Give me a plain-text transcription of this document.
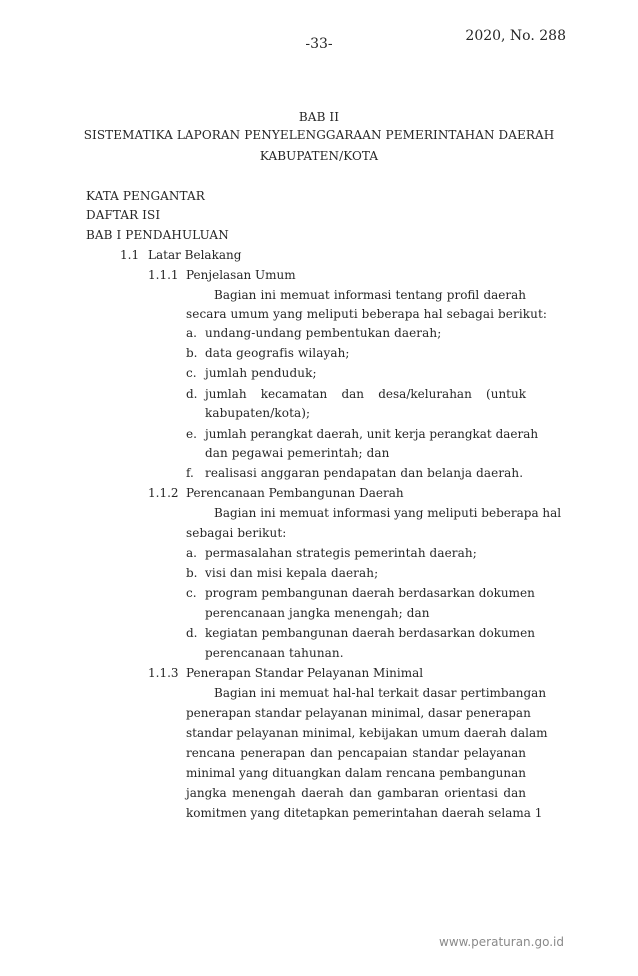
-33-	2020, No. 288
BAB II
SISTEMATIKA LAPORAN PENYELENGGARAAN PEMERINTAHAN DAERAH
KABUPATEN/KOTA
KATA PENGANTAR
DAFTAR ISI
BAB I PENDAHULUAN
1.1 Latar Belakang
1.1.1 Penjelasan Umum
Bagian ini memuat informasi tentang profil daerah
secara umum yang meliputi beberapa hal sebagai berikut:
a. undang-undang pembentukan daerah;
b. data geografis wilayah;
c. jumlah penduduk;
d. jumlah kecamatan dan desa/kelurahan (untuk
kabupaten/kota);
e. jumlah perangkat daerah, unit kerja perangkat daerah
dan pegawai pemerintah; dan
f. realisasi anggaran pendapatan dan belanja daerah.
1.1.2 Perencanaan Pembangunan Daerah
Bagian ini memuat informasi yang meliputi beberapa hal
sebagai berikut:
a. permasalahan strategis pemerintah daerah;
b. visi dan misi kepala daerah;
c. program pembangunan daerah berdasarkan dokumen
perencanaan jangka menengah; dan
d. kegiatan pembangunan daerah berdasarkan dokumen
perencanaan tahunan.
1.1.3 Penerapan Standar Pelayanan Minimal
Bagian ini memuat hal-hal terkait dasar pertimbangan
penerapan standar pelayanan minimal, dasar penerapan
standar pelayanan minimal, kebijakan umum daerah dalam
rencana penerapan dan pencapaian standar pelayanan
minimal yang dituangkan dalam rencana pembangunan
jangka menengah daerah dan gambaran orientasi dan
komitmen yang ditetapkan pemerintahan daerah selama 1
www.peraturan.go.id
